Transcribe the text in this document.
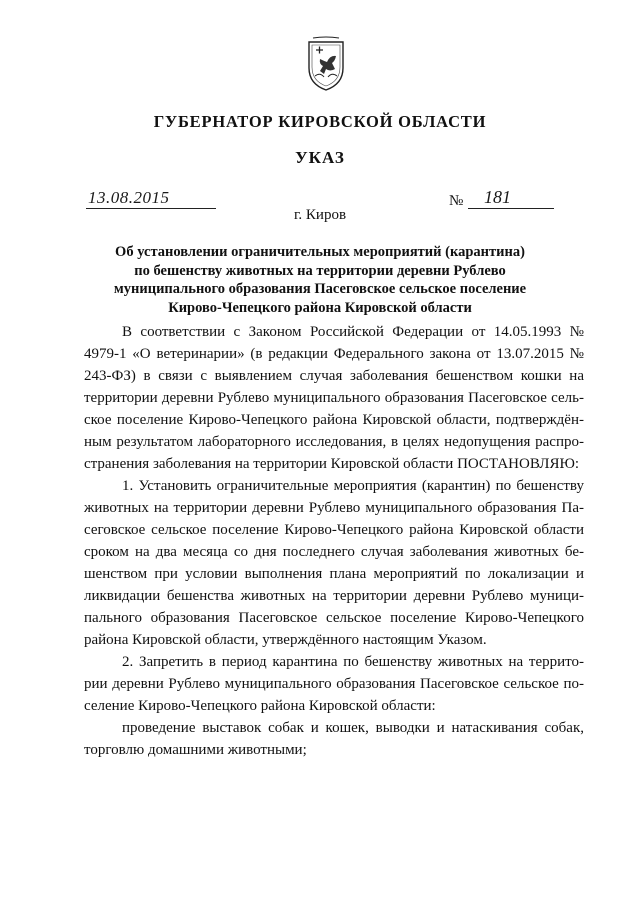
ГУБЕРНАТОР КИРОВСКОЙ ОБЛАСТИ
УКАЗ
13.08.2015	№ 181
г. Киров
Об установлении ограничительных мероприятий (карантина)
по бешенству животных на территории деревни Рублево
муниципального образования Пасеговское сельское поселение
Кирово-Чепецкого района Кировской области

В соответствии с Законом Российской Федерации от 14.05.1993 № 4979-1 «О ветеринарии» (в редакции Федерального закона от 13.07.2015 № 243-ФЗ) в связи с выявлением случая заболевания бешенством кошки на территории деревни Рублево муниципального образования Пасеговское сельское поселение Кирово-Чепецкого района Кировской области, подтверждённым результатом лабораторного исследования, в целях недопущения распространения заболевания на территории Кировской области ПОСТАНОВЛЯЮ:

1. Установить ограничительные мероприятия (карантин) по бешенству животных на территории деревни Рублево муниципального образования Пасеговское сельское поселение Кирово-Чепецкого района Кировской области сроком на два месяца со дня последнего случая заболевания животных бешенством при условии выполнения плана мероприятий по локализации и ликвидации бешенства животных на территории деревни Рублево муниципального образования Пасеговское сельское поселение Кирово-Чепецкого района Кировской области, утверждённого настоящим Указом.

2. Запретить в период карантина по бешенству животных на территории деревни Рублево муниципального образования Пасеговское сельское поселение Кирово-Чепецкого района Кировской области:

проведение выставок собак и кошек, выводки и натаскивания собак, торговлю домашними животными;
